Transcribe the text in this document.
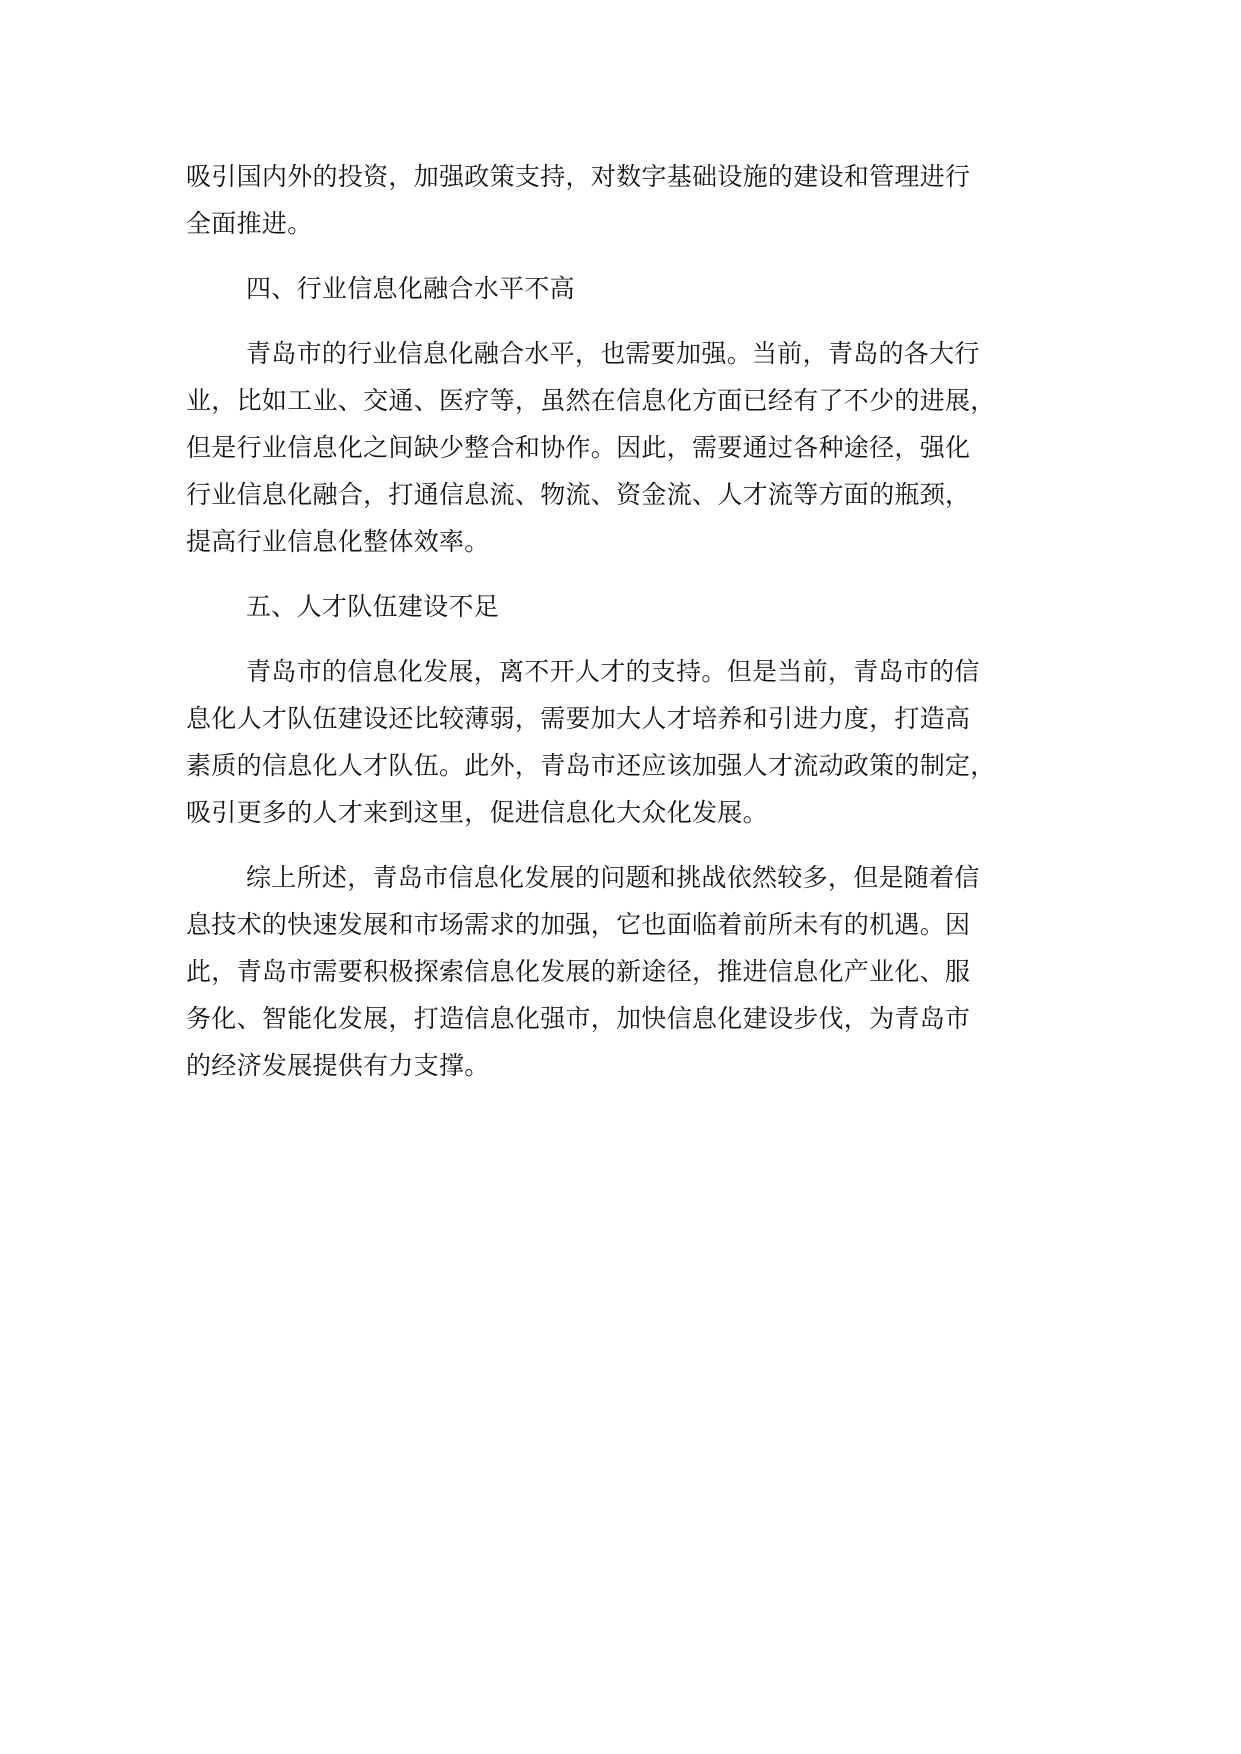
吸引国内外的投资，加强政策支持，对数字基础设施的建设和管理进行
全面推进。

四、行业信息化融合水平不高

青岛市的行业信息化融合水平，也需要加强。当前，青岛的各大行
业，比如工业、交通、医疗等，虽然在信息化方面已经有了不少的进展，
但是行业信息化之间缺少整合和协作。因此，需要通过各种途径，强化
行业信息化融合，打通信息流、物流、资金流、人才流等方面的瓶颈，
提高行业信息化整体效率。

五、人才队伍建设不足

青岛市的信息化发展，离不开人才的支持。但是当前，青岛市的信
息化人才队伍建设还比较薄弱，需要加大人才培养和引进力度，打造高
素质的信息化人才队伍。此外，青岛市还应该加强人才流动政策的制定，
吸引更多的人才来到这里，促进信息化大众化发展。

综上所述，青岛市信息化发展的问题和挑战依然较多，但是随着信
息技术的快速发展和市场需求的加强，它也面临着前所未有的机遇。因
此，青岛市需要积极探索信息化发展的新途径，推进信息化产业化、服
务化、智能化发展，打造信息化强市，加快信息化建设步伐，为青岛市
的经济发展提供有力支撑。
